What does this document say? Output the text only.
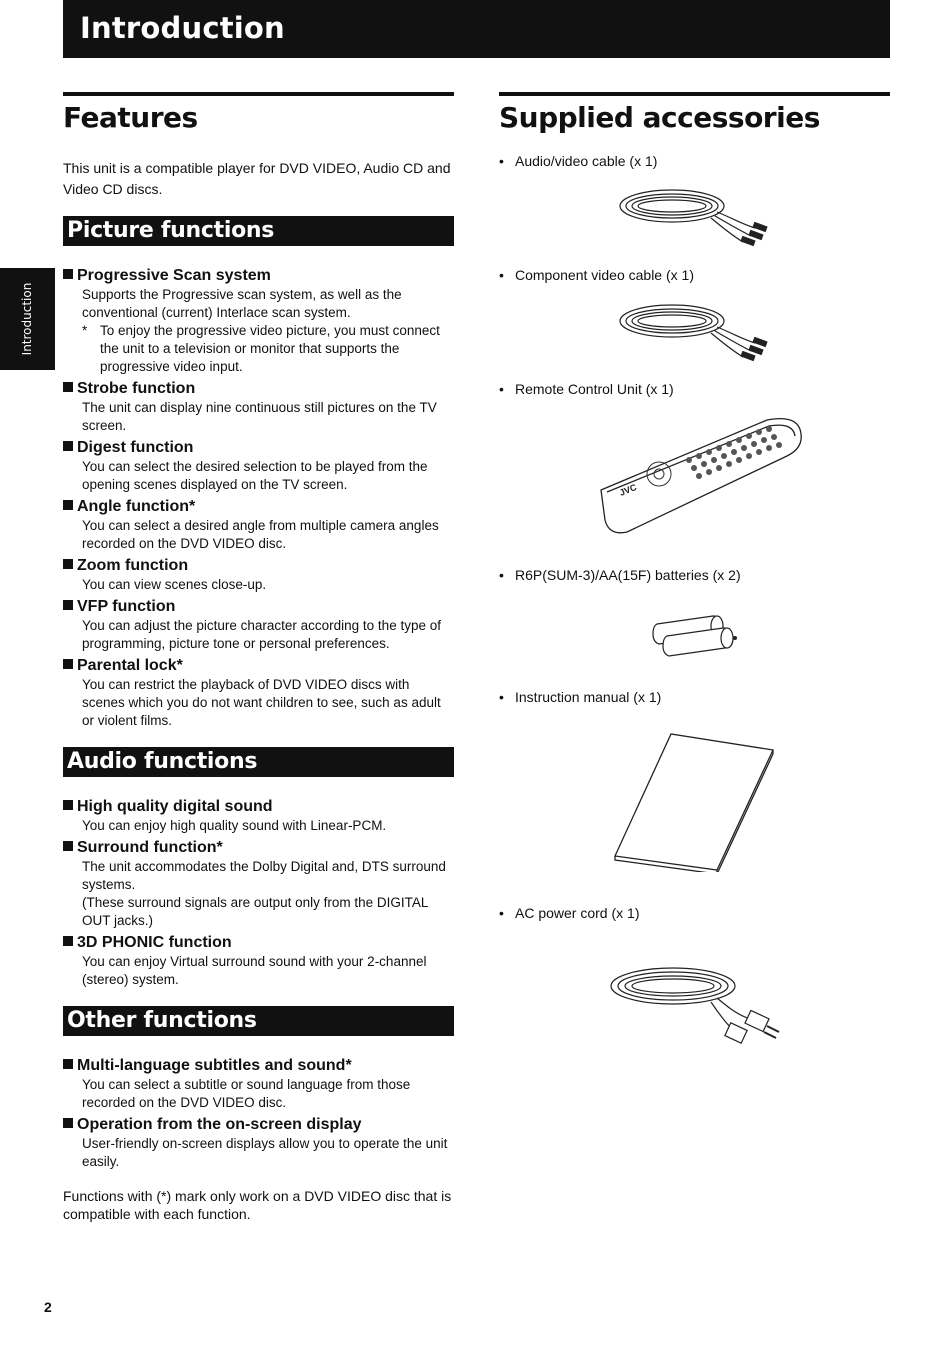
Introduction
Introduction
Features

This unit is a compatible player for DVD VIDEO, Audio CD and Video CD discs.

Picture functions

Progressive Scan system

Supports the Progressive scan system, as well as the conventional (current) Interlace scan system.

* To enjoy the progressive video picture, you must connect the unit to a television or monitor that supports the progressive video input.

Strobe function

The unit can display nine continuous still pictures on the TV screen.

Digest function

You can select the desired selection to be played from the opening scenes displayed on the TV screen.

Angle function*

You can select a desired angle from multiple camera angles recorded on the DVD VIDEO disc.

Zoom function

You can view scenes close-up.

VFP function

You can adjust the picture character according to the type of programming, picture tone or personal preferences.

Parental lock*

You can restrict the playback of DVD VIDEO discs with scenes which you do not want children to see, such as adult or violent films.

Audio functions

High quality digital sound

You can enjoy high quality sound with Linear-PCM.

Surround function*

The unit accommodates the Dolby Digital and, DTS surround systems.

(These surround signals are output only from the DIGITAL OUT jacks.)

3D PHONIC function

You can enjoy Virtual surround sound with your 2-channel (stereo) system.

Other functions

Multi-language subtitles and sound*

You can select a subtitle or sound language from those recorded on the DVD VIDEO disc.

Operation from the on-screen display

User-friendly on-screen displays allow you to operate the unit easily.

Functions with (*) mark only work on a DVD VIDEO disc that is compatible with each function.

Supplied accessories
• Audio/video cable (x 1)
• Component video cable (x 1)
• Remote Control Unit (x 1)
JVC
• R6P(SUM-3)/AA(15F) batteries (x 2)
• Instruction manual (x 1)
• AC power cord (x 1)
2
